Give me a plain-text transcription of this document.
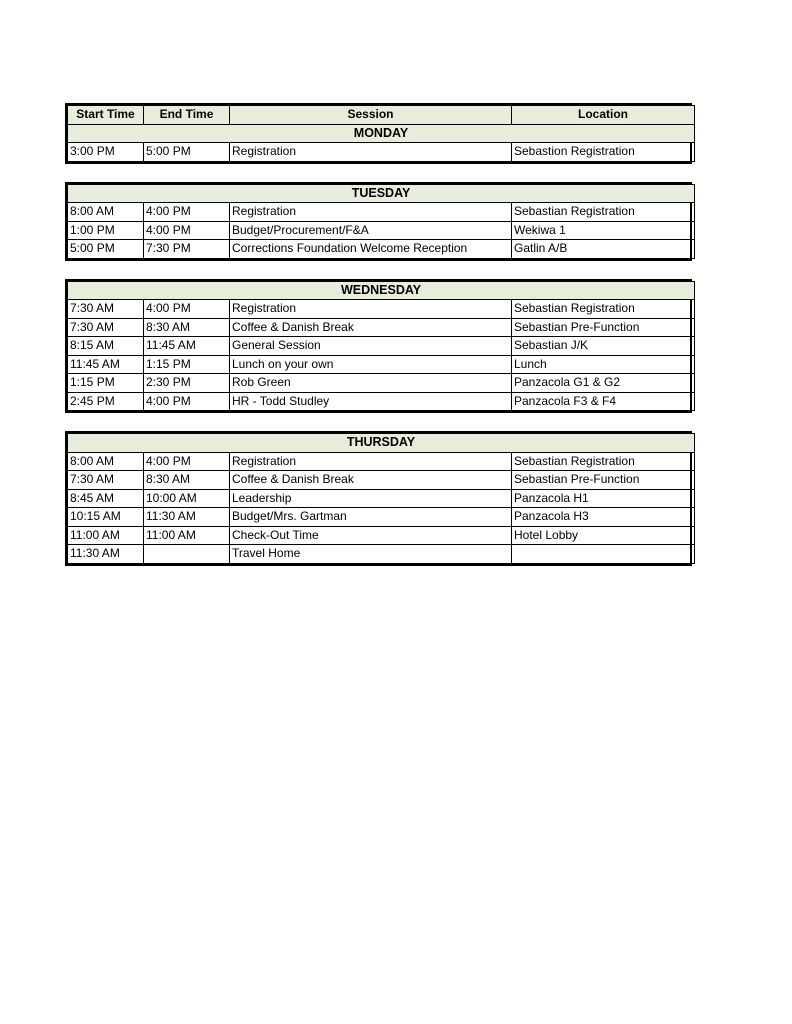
Start Time	End Time	Session	Location
MONDAY			
3:00 PM	5:00 PM	Registration	Sebastion Registration
TUESDAY			
8:00 AM	4:00 PM	Registration	Sebastian Registration
1:00 PM	4:00 PM	Budget/Procurement/F&A	Wekiwa 1
5:00 PM	7:30 PM	Corrections Foundation Welcome Reception	Gatlin A/B
WEDNESDAY			
7:30 AM	4:00 PM	Registration	Sebastian Registration
7:30 AM	8:30 AM	Coffee & Danish Break	Sebastian Pre-Function
8:15 AM	11:45 AM	General Session	Sebastian J/K
11:45 AM	1:15 PM	Lunch on your own	Lunch
1:15 PM	2:30 PM	Rob Green	Panzacola G1 & G2
2:45 PM	4:00 PM	HR - Todd Studley	Panzacola F3 & F4
THURSDAY			
8:00 AM	4:00 PM	Registration	Sebastian Registration
7:30 AM	8:30 AM	Coffee & Danish Break	Sebastian Pre-Function
8:45 AM	10:00 AM	Leadership	Panzacola H1
10:15 AM	11:30 AM	Budget/Mrs. Gartman	Panzacola H3
11:00 AM	11:00 AM	Check-Out Time	Hotel Lobby
11:30 AM		Travel Home	
